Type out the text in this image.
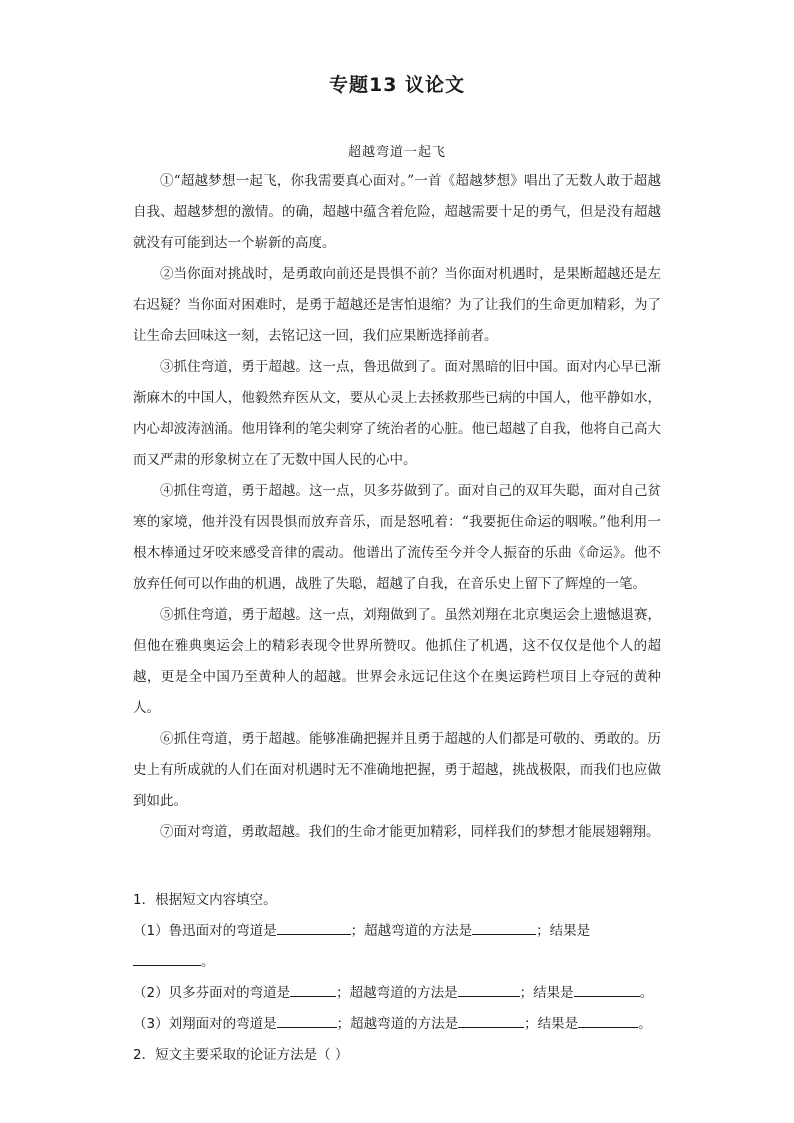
专题13 议论文
超越弯道一起飞

①“超越梦想一起飞，你我需要真心面对。”一首《超越梦想》唱出了无数人敢于超越自我、超越梦想的激情。的确，超越中蕴含着危险，超越需要十足的勇气，但是没有超越就没有可能到达一个崭新的高度。

②当你面对挑战时，是勇敢向前还是畏惧不前？当你面对机遇时，是果断超越还是左右迟疑？当你面对困难时，是勇于超越还是害怕退缩？为了让我们的生命更加精彩，为了让生命去回味这一刻，去铭记这一回，我们应果断选择前者。

③抓住弯道，勇于超越。这一点，鲁迅做到了。面对黑暗的旧中国。面对内心早已渐渐麻木的中国人，他毅然弃医从文，要从心灵上去拯救那些已病的中国人，他平静如水，内心却波涛汹涌。他用锋利的笔尖刺穿了统治者的心脏。他已超越了自我，他将自己高大而又严肃的形象树立在了无数中国人民的心中。

④抓住弯道，勇于超越。这一点，贝多芬做到了。面对自己的双耳失聪，面对自己贫寒的家境，他并没有因畏惧而放弃音乐，而是怒吼着：“我要扼住命运的咽喉。”他利用一根木棒通过牙咬来感受音律的震动。他谱出了流传至今并令人振奋的乐曲《命运》。他不放弃任何可以作曲的机遇，战胜了失聪，超越了自我，在音乐史上留下了辉煌的一笔。

⑤抓住弯道，勇于超越。这一点，刘翔做到了。虽然刘翔在北京奥运会上遗憾退赛，但他在雅典奥运会上的精彩表现令世界所赞叹。他抓住了机遇，这不仅仅是他个人的超越，更是全中国乃至黄种人的超越。世界会永远记住这个在奥运跨栏项目上夺冠的黄种人。

⑥抓住弯道，勇于超越。能够准确把握并且勇于超越的人们都是可敬的、勇敢的。历史上有所成就的人们在面对机遇时无不准确地把握，勇于超越，挑战极限，而我们也应做到如此。

⑦面对弯道，勇敢超越。我们的生命才能更加精彩，同样我们的梦想才能展翅翱翔。

1．根据短文内容填空。

（1）鲁迅面对的弯道是	；超越弯道的方法是	；结果是

。

（2）贝多芬面对的弯道是	；超越弯道的方法是	；结果是	。

（3）刘翔面对的弯道是	；超越弯道的方法是	；结果是	。

2．短文主要采取的论证方法是（ ）
